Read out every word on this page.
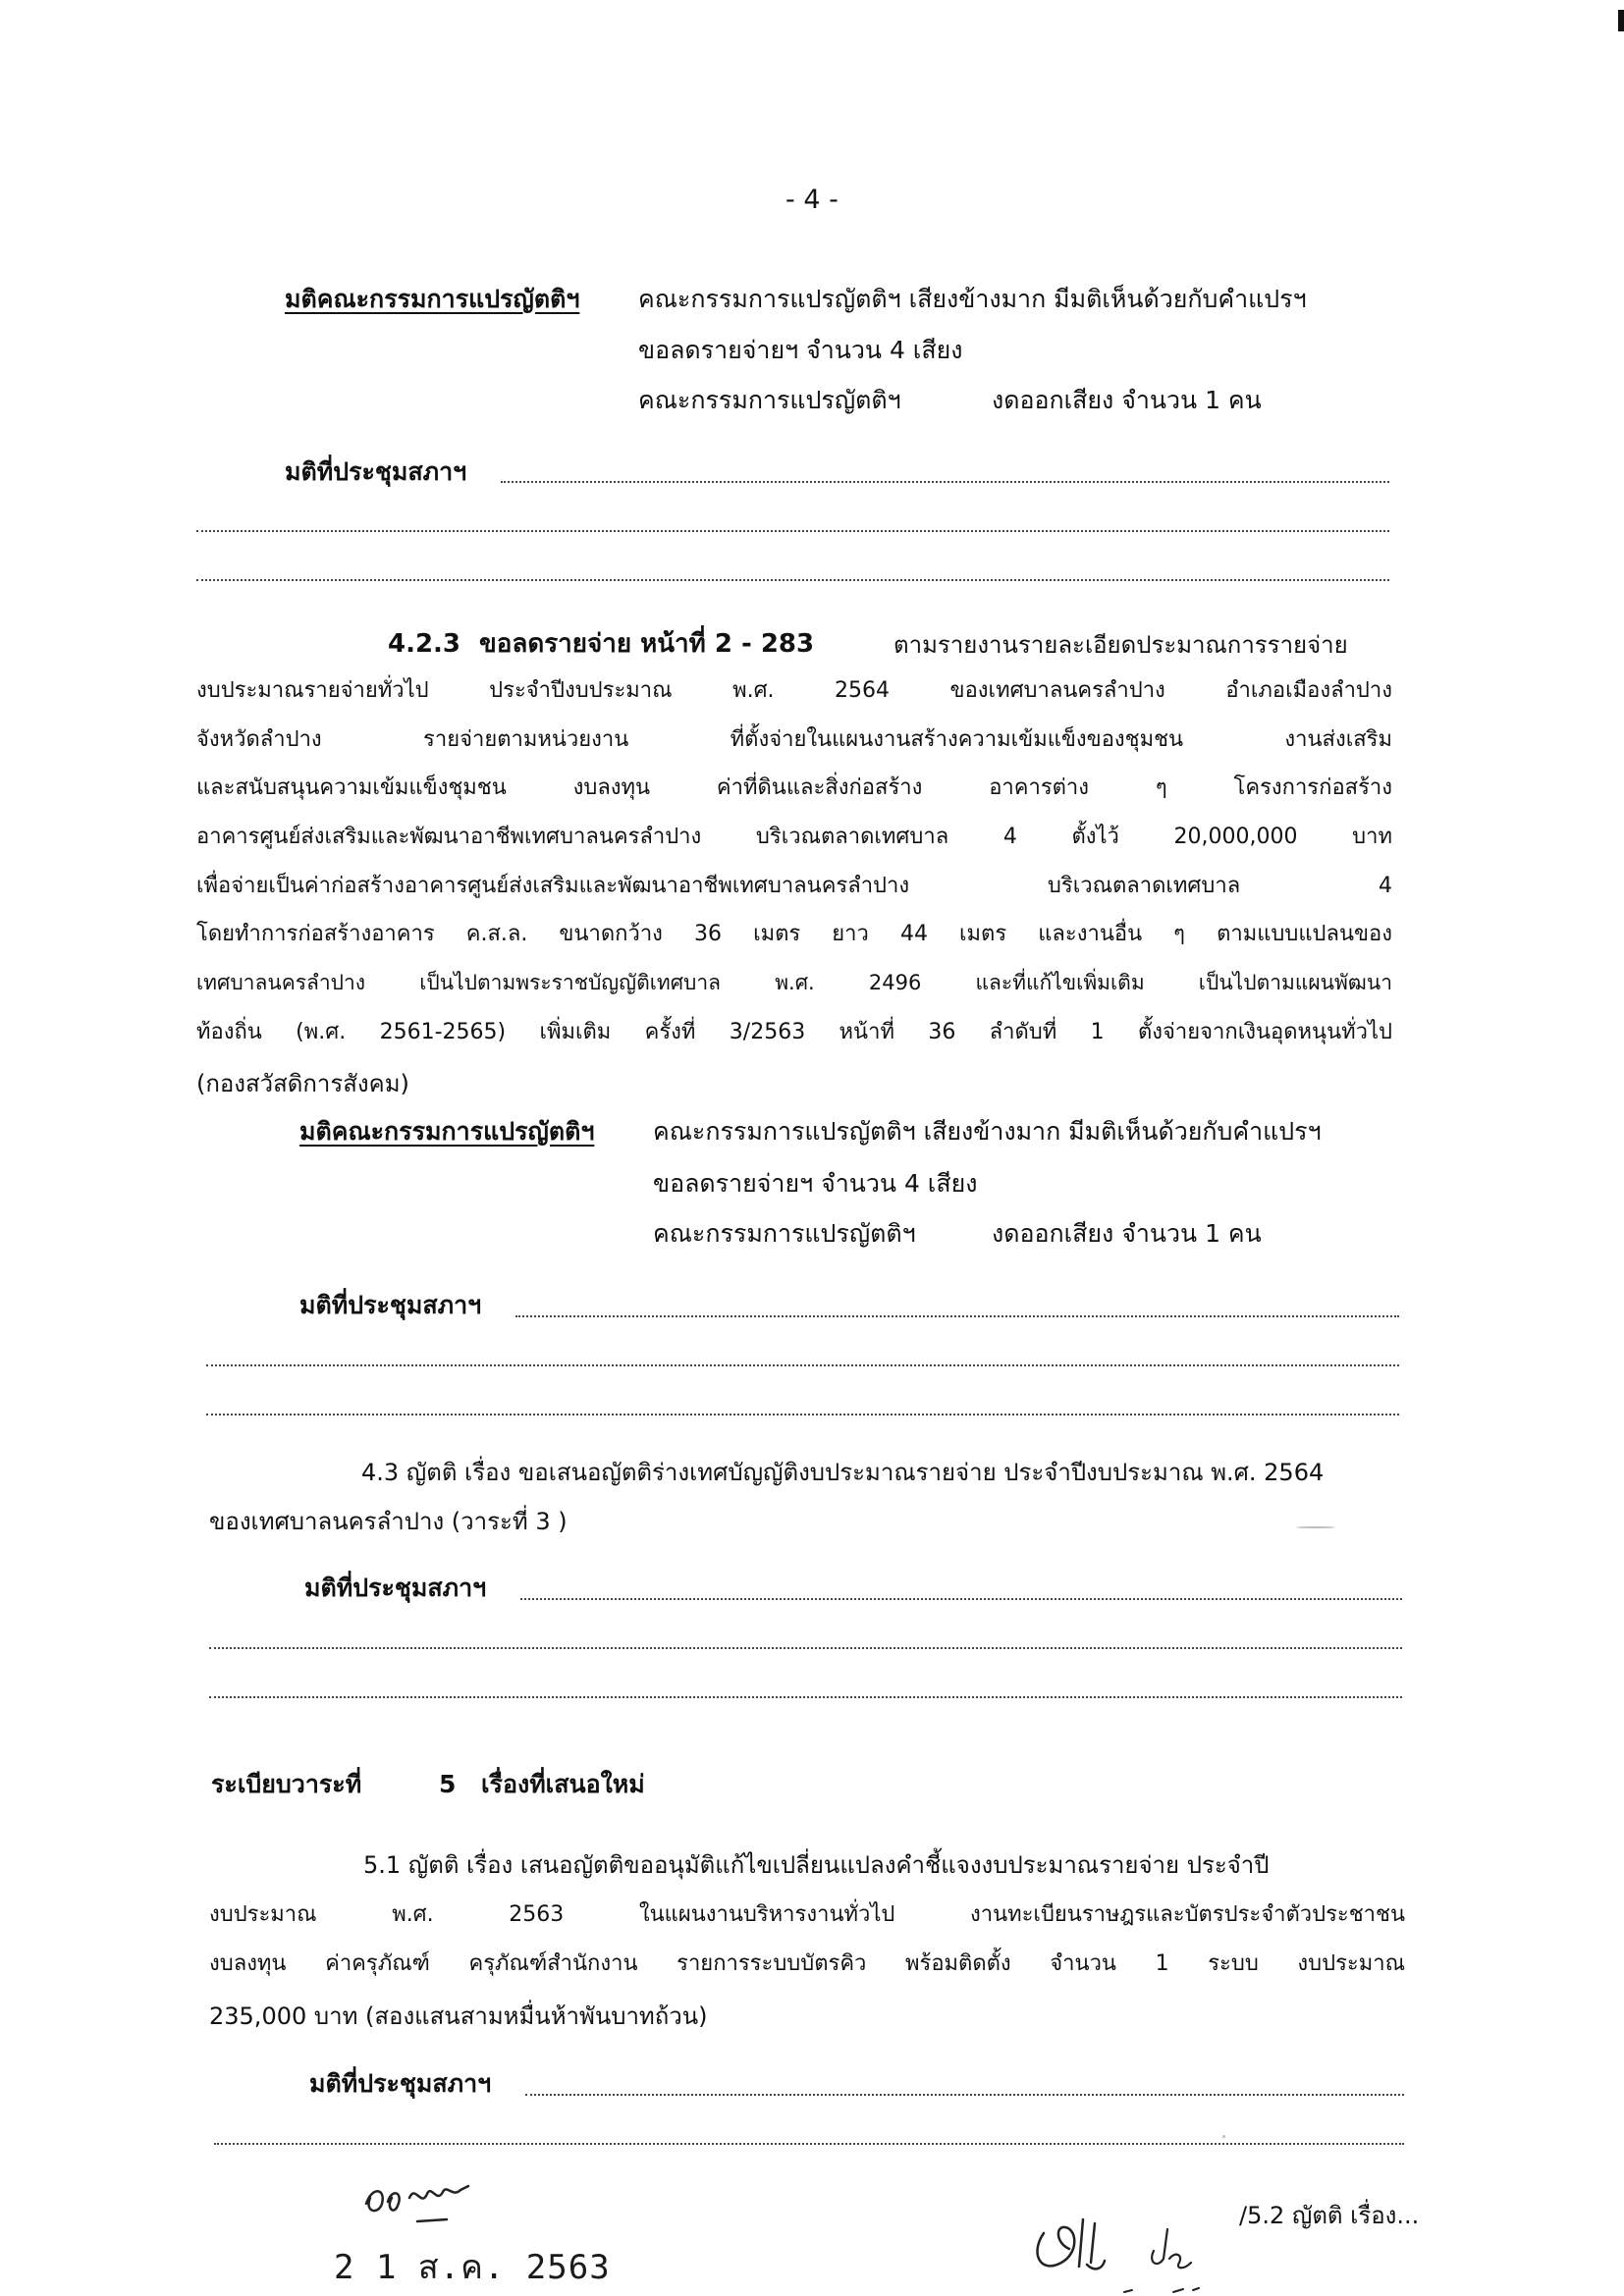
- 4 -
มติคณะกรรมการแปรญัตติฯ คณะกรรมการแปรญัตติฯ เสียงข้างมาก มีมติเห็นด้วยกับคำแปรฯ
ขอลดรายจ่ายฯ จำนวน 4 เสียง
คณะกรรมการแปรญัตติฯ	งดออกเสียง จำนวน 1 คน
มติที่ประชุมสภาฯ
4.2.3 ขอลดรายจ่าย หน้าที่ 2 - 283	ตามรายงานรายละเอียดประมาณการรายจ่าย
งบประมาณรายจ่ายทั่วไป ประจำปีงบประมาณ พ.ศ. 2564 ของเทศบาลนครลำปาง อำเภอเมืองลำปาง
จังหวัดลำปาง รายจ่ายตามหน่วยงาน ที่ตั้งจ่ายในแผนงานสร้างความเข้มแข็งของชุมชน งานส่งเสริม
และสนับสนุนความเข้มแข็งชุมชน งบลงทุน ค่าที่ดินและสิ่งก่อสร้าง อาคารต่าง ๆ โครงการก่อสร้าง
อาคารศูนย์ส่งเสริมและพัฒนาอาชีพเทศบาลนครลำปาง บริเวณตลาดเทศบาล 4 ตั้งไว้ 20,000,000 บาท
เพื่อจ่ายเป็นค่าก่อสร้างอาคารศูนย์ส่งเสริมและพัฒนาอาชีพเทศบาลนครลำปาง บริเวณตลาดเทศบาล 4
โดยทำการก่อสร้างอาคาร ค.ส.ล. ขนาดกว้าง 36 เมตร ยาว 44 เมตร และงานอื่น ๆ ตามแบบแปลนของ
เทศบาลนครลำปาง เป็นไปตามพระราชบัญญัติเทศบาล พ.ศ. 2496 และที่แก้ไขเพิ่มเติม เป็นไปตามแผนพัฒนา
ท้องถิ่น (พ.ศ. 2561-2565) เพิ่มเติม ครั้งที่ 3/2563 หน้าที่ 36 ลำดับที่ 1 ตั้งจ่ายจากเงินอุดหนุนทั่วไป
(กองสวัสดิการสังคม)
มติคณะกรรมการแปรญัตติฯ คณะกรรมการแปรญัตติฯ เสียงข้างมาก มีมติเห็นด้วยกับคำแปรฯ
ขอลดรายจ่ายฯ จำนวน 4 เสียง
คณะกรรมการแปรญัตติฯ	งดออกเสียง จำนวน 1 คน
มติที่ประชุมสภาฯ
4.3 ญัตติ เรื่อง ขอเสนอญัตติร่างเทศบัญญัติงบประมาณรายจ่าย ประจำปีงบประมาณ พ.ศ. 2564
ของเทศบาลนครลำปาง (วาระที่ 3 )
มติที่ประชุมสภาฯ
ระเบียบวาระที่	5 เรื่องที่เสนอใหม่
5.1 ญัตติ เรื่อง เสนอญัตติขออนุมัติแก้ไขเปลี่ยนแปลงคำชี้แจงงบประมาณรายจ่าย ประจำปี
งบประมาณ พ.ศ. 2563 ในแผนงานบริหารงานทั่วไป งานทะเบียนราษฎรและบัตรประจำตัวประชาชน
งบลงทุน ค่าครุภัณฑ์ ครุภัณฑ์สำนักงาน รายการระบบบัตรคิว พร้อมติดตั้ง จำนวน 1 ระบบ งบประมาณ
235,000 บาท (สองแสนสามหมื่นห้าพันบาทถ้วน)
มติที่ประชุมสภาฯ
2 1 ส.ค. 2563
/5.2 ญัตติ เรื่อง...
